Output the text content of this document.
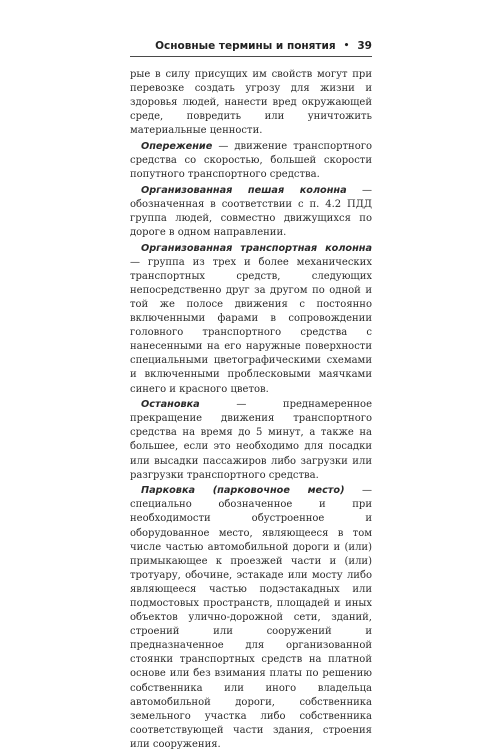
Основные термины и понятия • 39

рые в силу присущих им свойств могут при перевозке создать угрозу для жизни и здоровья людей, нанести вред окружающей среде, повредить или уничтожить материальные ценности.

Опережение — движение транспортного средства со скоростью, большей скорости попутного транспортного средства.

Организованная пешая колонна — обозначенная в соответствии с п. 4.2 ПДД группа людей, совместно движущихся по дороге в одном направлении.

Организованная транспортная колонна — группа из трех и более механических транспортных средств, следующих непосредственно друг за другом по одной и той же полосе движения с постоянно включенными фарами в сопровождении головного транспортного средства с нанесенными на его наружные поверхности специальными цветографическими схемами и включенными проблесковыми маячками синего и красного цветов.

Остановка — преднамеренное прекращение движения транспортного средства на время до 5 минут, а также на большее, если это необходимо для посадки или высадки пассажиров либо загрузки или разгрузки транспортного средства.

Парковка (парковочное место) — специально обозначенное и при необходимости обустроенное и оборудованное место, являющееся в том числе частью автомобильной дороги и (или) примыкающее к проезжей части и (или) тротуару, обочине, эстакаде или мосту либо являющееся частью подэстакадных или подмостовых пространств, площадей и иных объектов улично-дорожной сети, зданий, строений или сооружений и предназначенное для организованной стоянки транспортных средств на платной основе или без взимания платы по решению собственника или иного владельца автомобильной дороги, собственника земельного участка либо собственника соответствующей части здания, строения или сооружения.
